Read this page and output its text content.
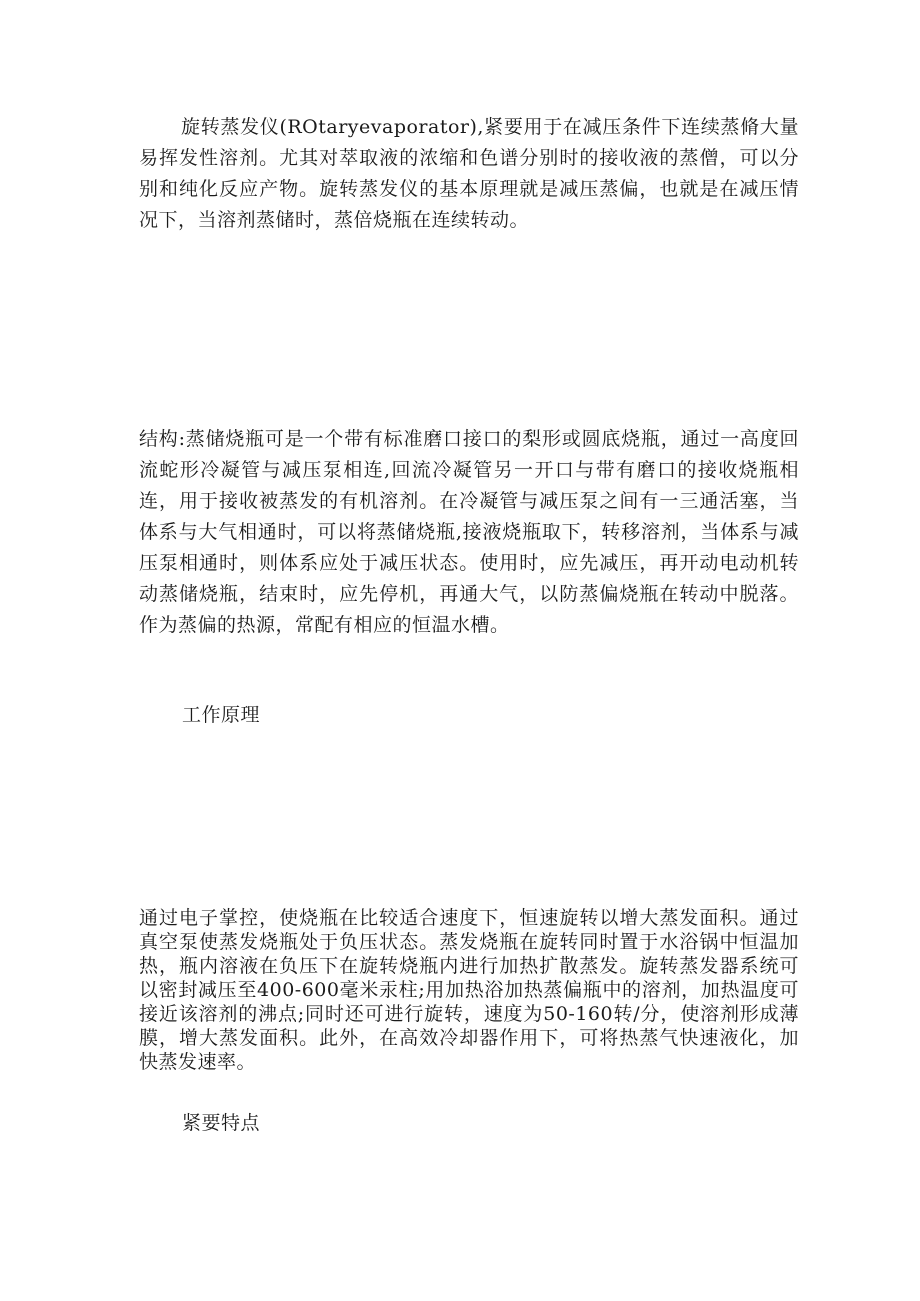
旋转蒸发仪(ROtaryevaporator),紧要用于在减压条件下连续蒸脩大量易挥发性溶剂。尤其对萃取液的浓缩和色谱分别时的接收液的蒸僧，可以分别和纯化反应产物。旋转蒸发仪的基本原理就是减压蒸偏，也就是在减压情况下，当溶剂蒸储时，蒸倍烧瓶在连续转动。

结构:蒸储烧瓶可是一个带有标准磨口接口的梨形或圆底烧瓶，通过一高度回流蛇形冷凝管与减压泵相连,回流冷凝管另一开口与带有磨口的接收烧瓶相连，用于接收被蒸发的有机溶剂。在冷凝管与减压泵之间有一三通活塞，当体系与大气相通时，可以将蒸储烧瓶,接液烧瓶取下，转移溶剂，当体系与减压泵相通时，则体系应处于减压状态。使用时，应先减压，再开动电动机转动蒸储烧瓶，结束时，应先停机，再通大气，以防蒸偏烧瓶在转动中脱落。作为蒸偏的热源，常配有相应的恒温水槽。

工作原理

通过电子掌控，使烧瓶在比较适合速度下，恒速旋转以增大蒸发面积。通过真空泵使蒸发烧瓶处于负压状态。蒸发烧瓶在旋转同时置于水浴锅中恒温加热，瓶内溶液在负压下在旋转烧瓶内进行加热扩散蒸发。旋转蒸发器系统可以密封减压至400-600毫米汞柱;用加热浴加热蒸偏瓶中的溶剂，加热温度可接近该溶剂的沸点;同时还可进行旋转，速度为50-160转/分，使溶剂形成薄膜，增大蒸发面积。此外，在高效冷却器作用下，可将热蒸气快速液化，加快蒸发速率。

紧要特点
